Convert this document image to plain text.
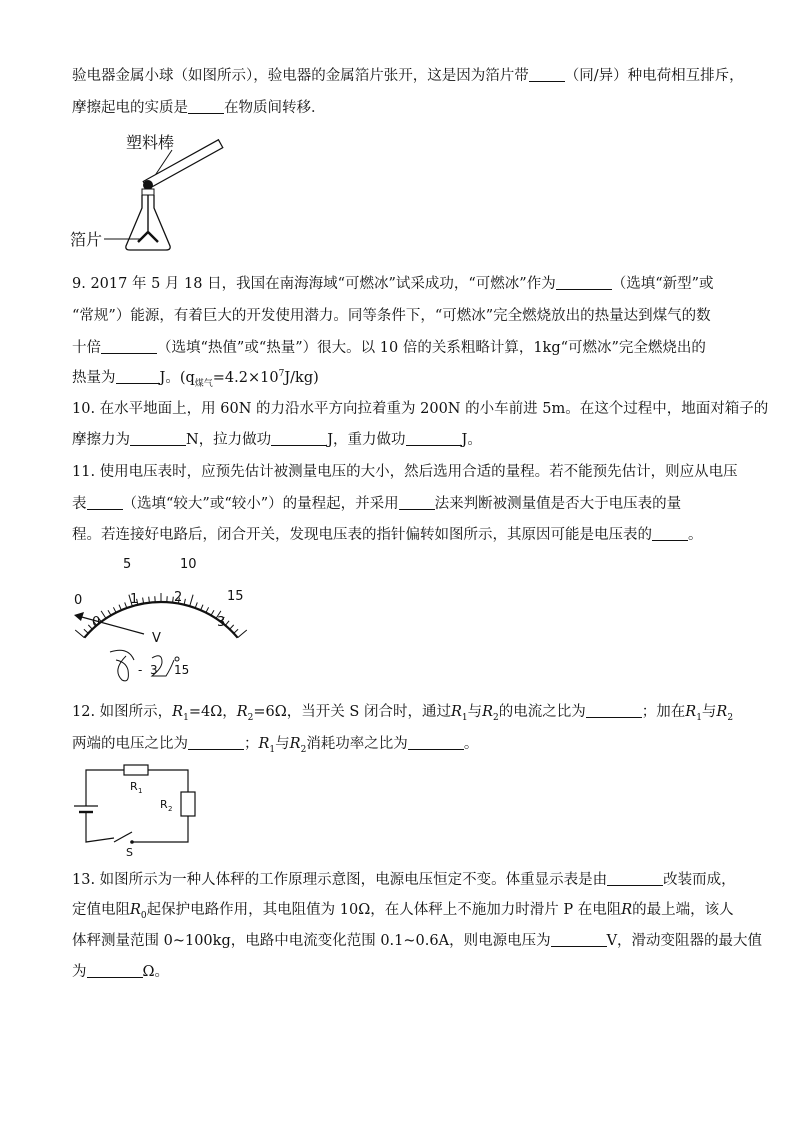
验电器金属小球（如图所示），验电器的金属箔片张开，这是因为箔片带 （同/异）种电荷相互排斥，
摩擦起电的实质是 在物质间转移．
塑料棒
箔片
9. 2017 年 5 月 18 日，我国在南海海域“可燃冰”试采成功，“可燃冰”作为	（选填“新型”或
“常规”）能源，有着巨大的开发使用潜力。同等条件下，“可燃冰”完全燃烧放出的热量达到煤气的数
十倍	（选填“热值”或“热量”）很大。以 10 倍的关系粗略计算，1kg“可燃冰”完全燃烧出的
热量为	J。$(q_{煤气}=4.2\times 10^7J/kg)$
10. 在水平地面上，用 60N 的力沿水平方向拉着重为 200N 的小车前进 5m。在这个过程中，地面对箱子的
摩擦力为	N，拉力做功	J，重力做功	J。
11. 使用电压表时，应预先估计被测量电压的大小，然后选用合适的量程。若不能预先估计，则应从电压
表 （选填“较大”或“较小”）的量程起，并采用 法来判断被测量值是否大于电压表的量
程。若连接好电路后，闭合开关，发现电压表的指针偏转如图所示，其原因可能是电压表的 。
0
5	10
15
0
1	2
3
V
- 3 15
12. 如图所示，$R_1=4\Omega$，$R_2=6\Omega$，当开关 S 闭合时，通过$R_1$与$R_2$的电流之比为	；加在$R_1$与$R_2$
两端的电压之比为	；$R_1$与$R_2$消耗功率之比为	。
R 1
R 2
S
13. 如图所示为一种人体秤的工作原理示意图，电源电压恒定不变。体重显示表是由	改装而成，
定值电阻$R_0$起保护电路作用，其电阻值为 10Ω，在人体秤上不施加力时滑片 P 在电阻R的最上端，该人
体秤测量范围 0~100kg，电路中电流变化范围 0.1~0.6A，则电源电压为	V，滑动变阻器的最大值
为	Ω。
